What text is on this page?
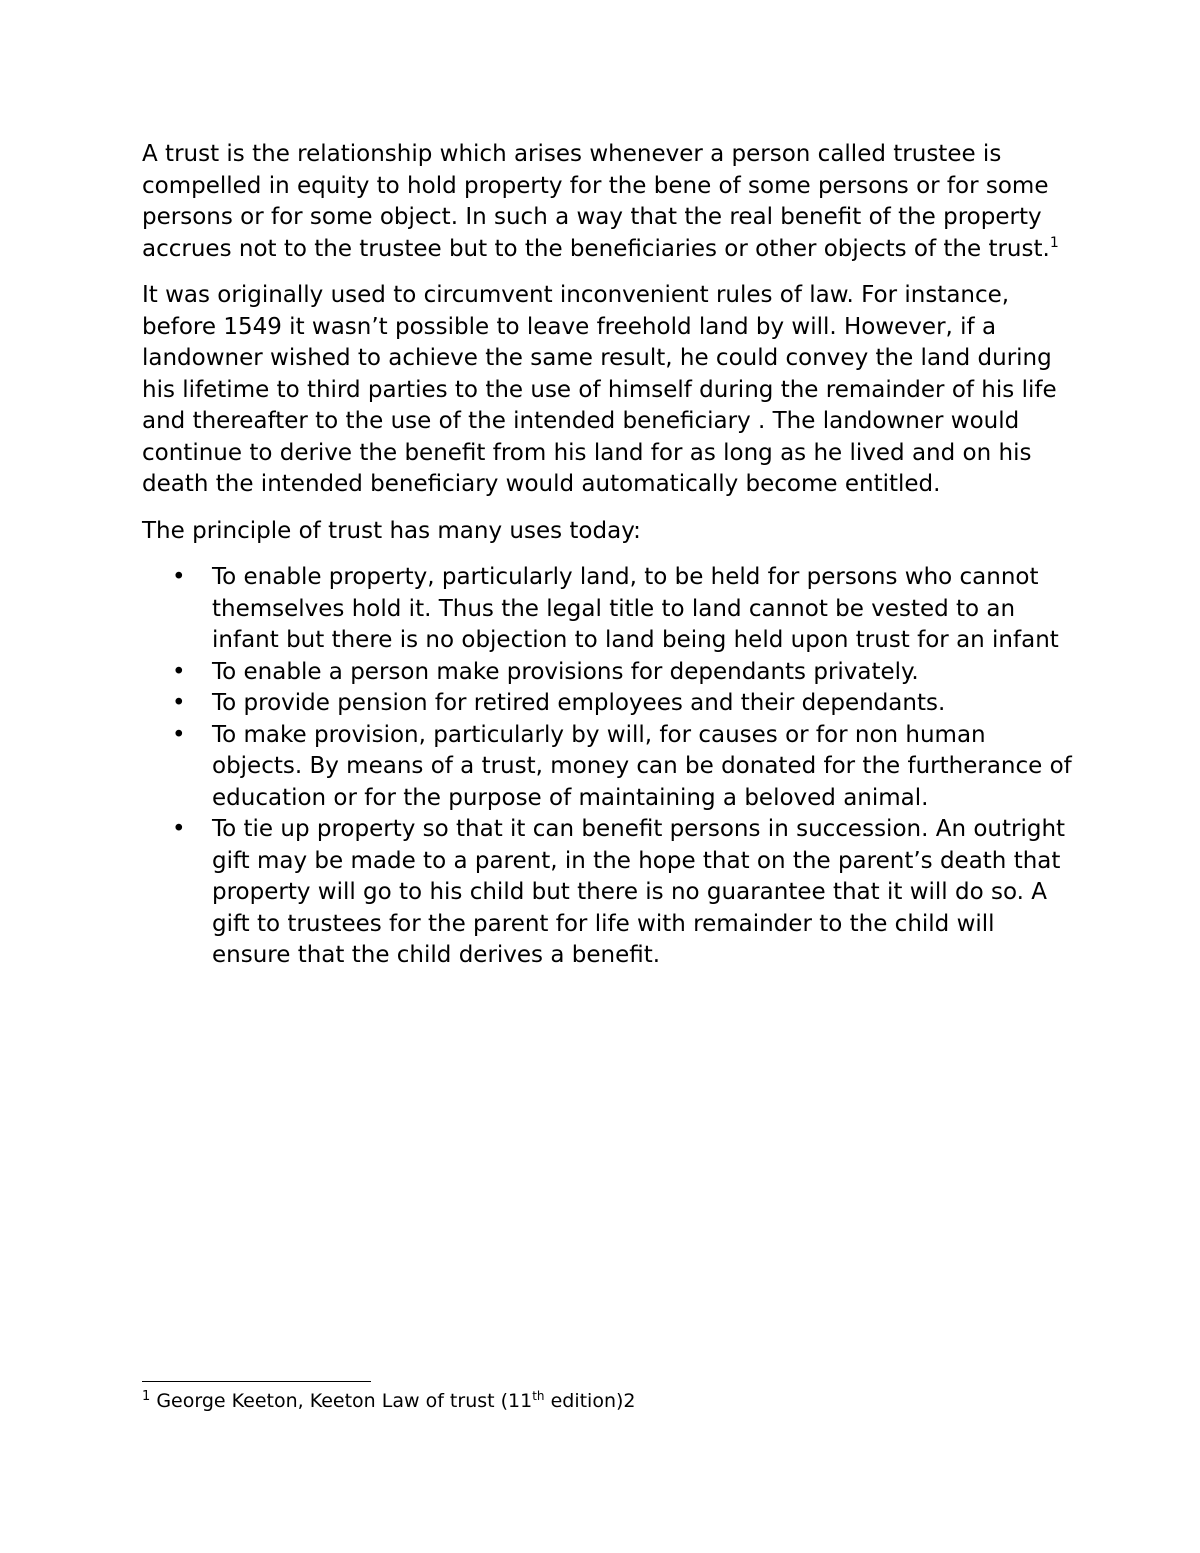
A trust is the relationship which arises whenever a person called trustee is compelled in equity to hold property for the bene of some persons or for some persons or for some object. In such a way that the real benefit of the property accrues not to the trustee but to the beneficiaries or other objects of the trust.$^1$

It was originally used to circumvent inconvenient rules of law. For instance, before 1549 it wasn’t possible to leave freehold land by will. However, if a landowner wished to achieve the same result, he could convey the land during his lifetime to third parties to the use of himself during the remainder of his life and thereafter to the use of the intended beneficiary . The landowner would continue to derive the benefit from his land for as long as he lived and on his death the intended beneficiary would automatically become entitled.

The principle of trust has many uses today:

• To enable property, particularly land, to be held for persons who cannot themselves hold it. Thus the legal title to land cannot be vested to an infant but there is no objection to land being held upon trust for an infant
• To enable a person make provisions for dependants privately.
• To provide pension for retired employees and their dependants.
• To make provision, particularly by will, for causes or for non human objects. By means of a trust, money can be donated for the furtherance of education or for the purpose of maintaining a beloved animal.
• To tie up property so that it can benefit persons in succession. An outright gift may be made to a parent, in the hope that on the parent’s death that property will go to his child but there is no guarantee that it will do so. A gift to trustees for the parent for life with remainder to the child will ensure that the child derives a benefit.
$^1$ George Keeton, Keeton Law of trust (11th edition)2
